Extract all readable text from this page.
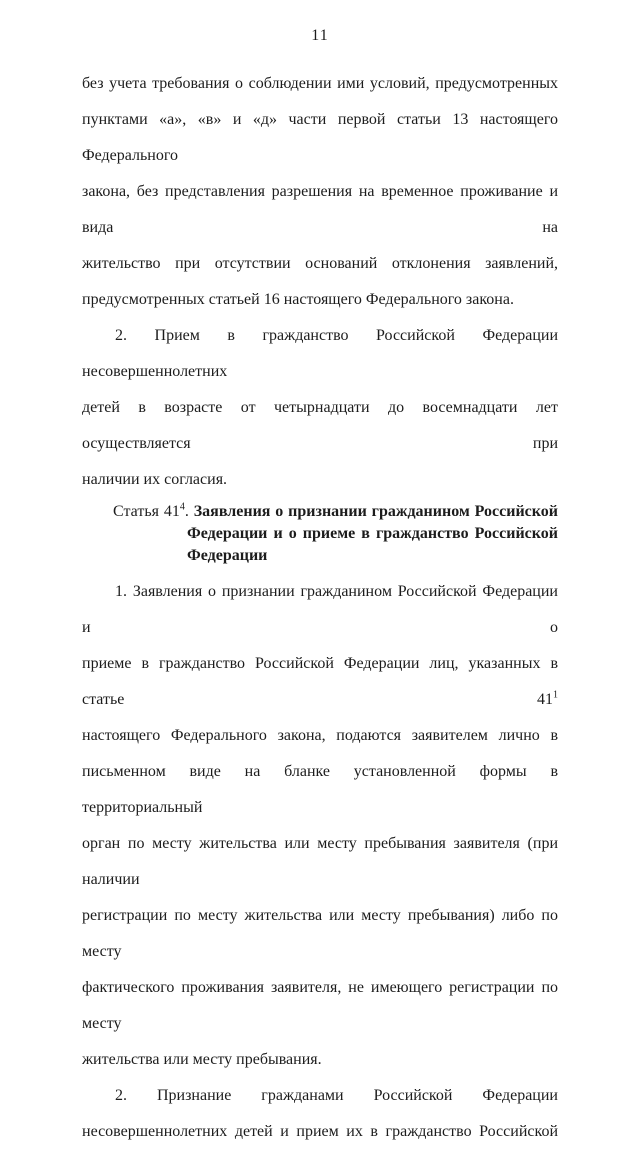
11
без учета требования о соблюдении ими условий, предусмотренных
пунктами «а», «в» и «д» части первой статьи 13 настоящего Федерального
закона, без представления разрешения на временное проживание и вида на
жительство при отсутствии оснований отклонения заявлений,
предусмотренных статьей 16 настоящего Федерального закона.
2. Прием в гражданство Российской Федерации несовершеннолетних
детей в возрасте от четырнадцати до восемнадцати лет осуществляется при
наличии их согласия.
Статья $41^4$. Заявления о признании гражданином Российской
Федерации и о приеме в гражданство Российской
Федерации
1. Заявления о признании гражданином Российской Федерации и о
приеме в гражданство Российской Федерации лиц, указанных в статье $41^1$
настоящего Федерального закона, подаются заявителем лично в
письменном виде на бланке установленной формы в территориальный
орган по месту жительства или месту пребывания заявителя (при наличии
регистрации по месту жительства или месту пребывания) либо по месту
фактического проживания заявителя, не имеющего регистрации по месту
жительства или месту пребывания.
2. Признание гражданами Российской Федерации
несовершеннолетних детей и прием их в гражданство Российской
